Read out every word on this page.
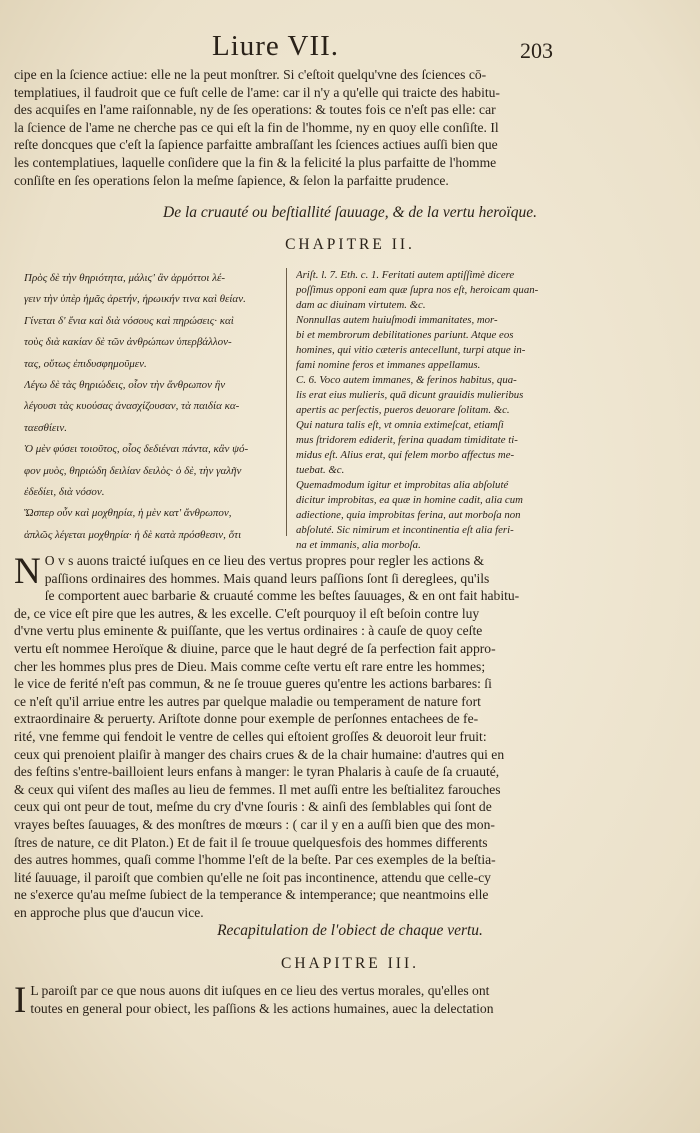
Liure VII.	203
cipe en la ſcience actiue: elle ne la peut monſtrer. Si c'eſtoit quelqu'vne des ſciences cō-
templatiues, il faudroit que ce fuſt celle de l'ame: car il n'y a qu'elle qui traicte des habitu-
des acquiſes en l'ame raiſonnable, ny de ſes operations: & toutes fois ce n'eſt pas elle: car
la ſcience de l'ame ne cherche pas ce qui eſt la fin de l'homme, ny en quoy elle conſiſte. Il
reſte doncques que c'eſt la ſapience parfaitte ambraſſant les ſciences actiues auſſi bien que
les contemplatiues, laquelle conſidere que la fin & la felicité la plus parfaitte de l'homme
conſiſte en ſes operations ſelon la meſme ſapience, & ſelon la parfaitte prudence.
De la cruauté ou beſtiallité ſauuage, & de la vertu heroïque.
CHAPITRE II.
Πρὸς δὲ τὴν θηριότητα, μάλιϛ' ἂν ἁρμόττοι λέ-
γειν τὴν ὑπὲρ ἡμᾶς ἀρετήν, ἡρωικήν τινα καὶ θείαν.
Γίνεται δ' ἔνια καὶ διὰ νόσους καὶ πηρώσεις· καὶ
τοὺς διὰ κακίαν δὲ τῶν ἀνθρώπων ὑπερβάλλον-
τας, οὕτως ἐπιδυσφημοῦμεν.
Λέγω δὲ τὰς θηριώδεις, οἷον τὴν ἄνθρωπον ἣν
λέγουσι τὰς κυούσας ἀνασχίζουσαν, τὰ παιδία κα-
ταεσθίειν.
Ὁ μὲν φύσει τοιοῦτος, οἷος δεδιέναι πάντα, κἂν ψό-
φον μυὸς, θηριώδη δειλίαν δειλὸς· ὁ δὲ, τὴν γαλῆν
ἐδεδίει, διὰ νόσον.
Ὥσπερ οὖν καὶ μοχθηρία, ἡ μὲν κατ' ἄνθρωπον,
ἁπλῶς λέγεται μοχθηρία· ἡ δὲ κατὰ πρόσθεσιν, ὅτι
Ariſt. l. 7. Eth. c. 1. Feritati autem aptiſſimè dicere
poſſimus opponi eam quæ ſupra nos eſt, heroicam quan-
dam ac diuinam virtutem. &c.
Nonnullas autem huiuſmodi immanitates, mor-
bi et membrorum debilitationes pariunt. Atque eos
homines, qui vitio cæteris antecellunt, turpi atque in-
fami nomine feros et immanes appellamus.
C. 6. Voco autem immanes, & ferinos habitus, qua-
lis erat eius mulieris, quā dicunt grauidis mulieribus
apertis ac perſectis, pueros deuorare ſolitam. &c.
Qui natura talis eſt, vt omnia extimeſcat, etiamſi
mus ſtridorem ediderit, ferina quadam timiditate ti-
midus eſt. Alius erat, qui felem morbo affectus me-
tuebat. &c.
Quemadmodum igitur et improbitas alia abſoluté
dicitur improbitas, ea quæ in homine cadit, alia cum
adiectione, quia improbitas ferina, aut morboſa non
abſoluté. Sic nimirum et incontinentia eſt alia feri-
na et immanis, alia morboſa.
N O v s auons traicté iuſques en ce lieu des vertus propres pour regler les actions &
paſſions ordinaires des hommes. Mais quand leurs paſſions ſont ſi dereglees, qu'ils
ſe comportent auec barbarie & cruauté comme les beſtes ſauuages, & en ont fait habitu-
de, ce vice eſt pire que les autres, & les excelle. C'eſt pourquoy il eſt beſoin contre luy
d'vne vertu plus eminente & puiſſante, que les vertus ordinaires : à cauſe de quoy ceſte
vertu eſt nommee Heroïque & diuine, parce que le haut degré de ſa perfection fait appro-
cher les hommes plus pres de Dieu. Mais comme ceſte vertu eſt rare entre les hommes;
le vice de ferité n'eſt pas commun, & ne ſe trouue gueres qu'entre les actions barbares: ſi
ce n'eſt qu'il arriue entre les autres par quelque maladie ou temperament de nature fort
extraordinaire & peruerty. Ariſtote donne pour exemple de perſonnes entachees de fe-
rité, vne femme qui fendoit le ventre de celles qui eſtoient groſſes & deuoroit leur fruit:
ceux qui prenoient plaiſir à manger des chairs crues & de la chair humaine: d'autres qui en
des feſtins s'entre-bailloient leurs enfans à manger: le tyran Phalaris à cauſe de ſa cruauté,
& ceux qui viſent des maſles au lieu de femmes. Il met auſſi entre les beſtialitez farouches
ceux qui ont peur de tout, meſme du cry d'vne ſouris : & ainſi des ſemblables qui ſont de
vrayes beſtes ſauuages, & des monſtres de mœurs : ( car il y en a auſſi bien que des mon-
ſtres de nature, ce dit Platon.) Et de fait il ſe trouue quelquesfois des hommes differents
des autres hommes, quaſi comme l'homme l'eſt de la beſte. Par ces exemples de la beſtia-
lité ſauuage, il paroiſt que combien qu'elle ne ſoit pas incontinence, attendu que celle-cy
ne s'exerce qu'au meſme ſubiect de la temperance & intemperance; que neantmoins elle
en approche plus que d'aucun vice.
Recapitulation de l'obiect de chaque vertu.
CHAPITRE III.
I L paroiſt par ce que nous auons dit iuſques en ce lieu des vertus morales, qu'elles ont
toutes en general pour obiect, les paſſions & les actions humaines, auec la delectation
